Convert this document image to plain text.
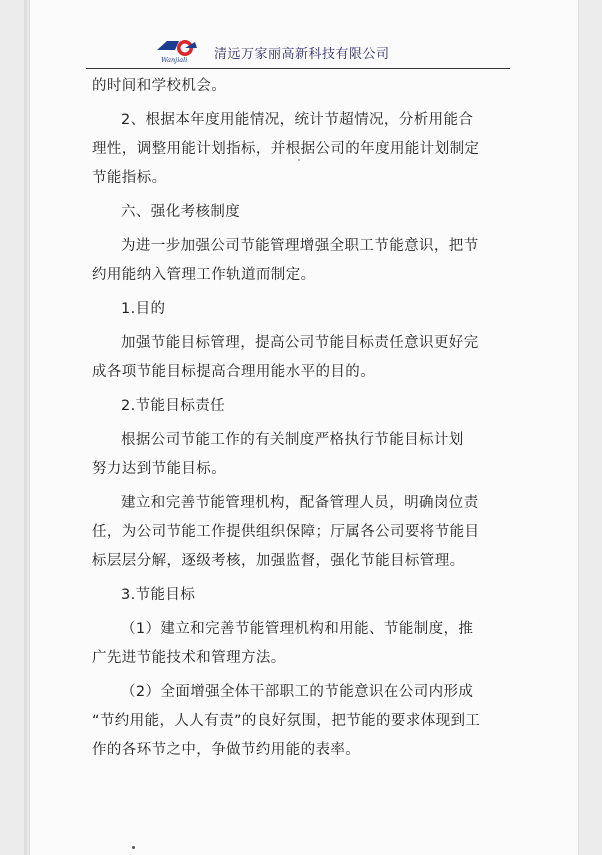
Wanjiali 清远万家丽高新科技有限公司
的时间和学校机会。
2、根据本年度用能情况，统计节超情况，分析用能合
理性，调整用能计划指标，并根据公司的年度用能计划制定
节能指标。
六、强化考核制度
为进一步加强公司节能管理增强全职工节能意识，把节
约用能纳入管理工作轨道而制定。
1.目的
加强节能目标管理，提高公司节能目标责任意识更好完
成各项节能目标提高合理用能水平的目的。
2.节能目标责任
根据公司节能工作的有关制度严格执行节能目标计划
努力达到节能目标。
建立和完善节能管理机构，配备管理人员，明确岗位责
任，为公司节能工作提供组织保障；厅属各公司要将节能目
标层层分解，逐级考核，加强监督，强化节能目标管理。
3.节能目标
（1）建立和完善节能管理机构和用能、节能制度，推
广先进节能技术和管理方法。
（2）全面增强全体干部职工的节能意识在公司内形成
“节约用能，人人有责”的良好氛围，把节能的要求体现到工
作的各环节之中，争做节约用能的表率。
